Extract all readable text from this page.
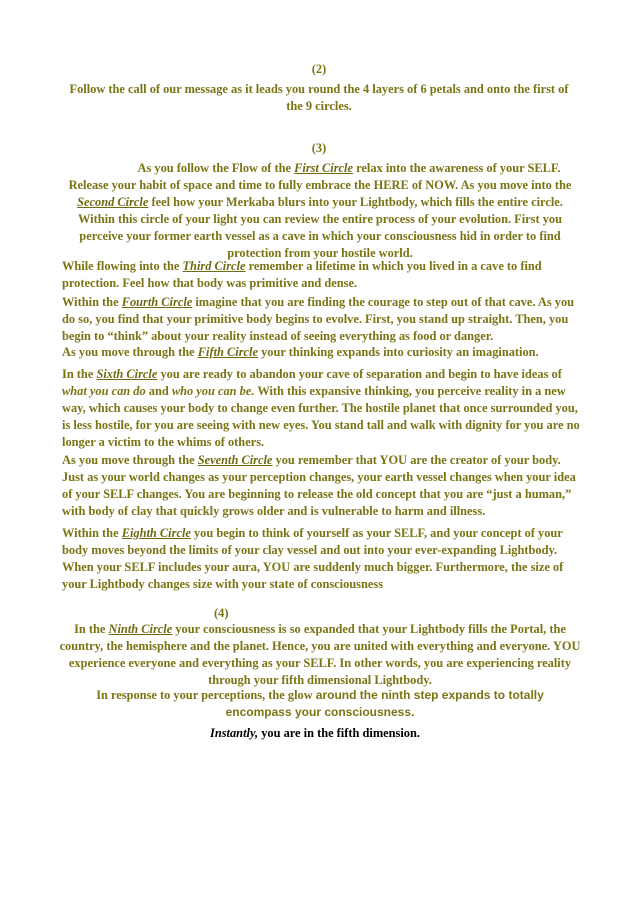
(2)
Follow the call of our message as it leads you round the 4 layers of 6 petals and onto the first of the 9 circles.
(3)

As you follow the Flow of the First Circle relax into the awareness of your SELF. Release your habit of space and time to fully embrace the HERE of NOW. As you move into the Second Circle feel how your Merkaba blurs into your Lightbody, which fills the entire circle. Within this circle of your light you can review the entire process of your evolution. First you perceive your former earth vessel as a cave in which your consciousness hid in order to find protection from your hostile world.

While flowing into the Third Circle remember a lifetime in which you lived in a cave to find protection. Feel how that body was primitive and dense.

Within the Fourth Circle imagine that you are finding the courage to step out of that cave. As you do so, you find that your primitive body begins to evolve. First, you stand up straight. Then, you begin to “think” about your reality instead of seeing everything as food or danger.

As you move through the Fifth Circle your thinking expands into curiosity an imagination.

In the Sixth Circle you are ready to abandon your cave of separation and begin to have ideas of what you can do and who you can be. With this expansive thinking, you perceive reality in a new way, which causes your body to change even further. The hostile planet that once surrounded you, is less hostile, for you are seeing with new eyes. You stand tall and walk with dignity for you are no longer a victim to the whims of others.

As you move through the Seventh Circle you remember that YOU are the creator of your body. Just as your world changes as your perception changes, your earth vessel changes when your idea of your SELF changes. You are beginning to release the old concept that you are “just a human,” with body of clay that quickly grows older and is vulnerable to harm and illness.

Within the Eighth Circle you begin to think of yourself as your SELF, and your concept of your body moves beyond the limits of your clay vessel and out into your ever-expanding Lightbody. When your SELF includes your aura, YOU are suddenly much bigger. Furthermore, the size of your Lightbody changes size with your state of consciousness

(4)

In the Ninth Circle your consciousness is so expanded that your Lightbody fills the Portal, the country, the hemisphere and the planet. Hence, you are united with everything and everyone. YOU experience everyone and everything as your SELF. In other words, you are experiencing reality through your fifth dimensional Lightbody.

In response to your perceptions, the glow around the ninth step expands to totally encompass your consciousness.

Instantly, you are in the fifth dimension.
